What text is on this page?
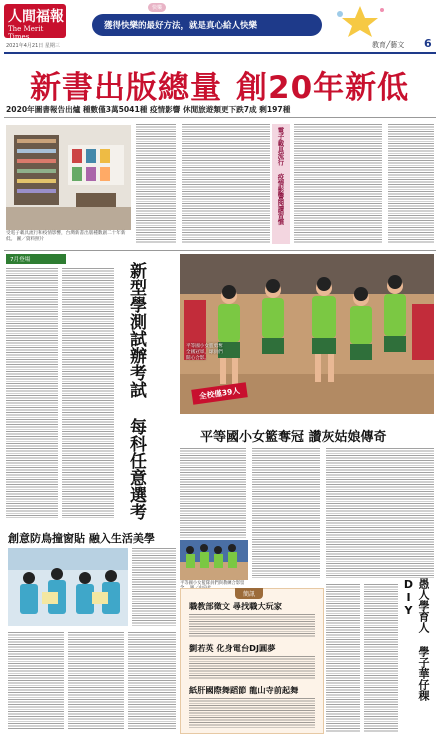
人間福報
The Merit Times
2021年4月21日 星期三
獲得快樂的最好方法，就是真心給人快樂
快樂
教育╱藝文 6
新書出版總量 創20年新低
2020年圖書報告出爐 種數僅3萬5041種 疫情影響 休閒旅遊類更下跌7成 剩197種
受電子載具流行和疫情影響，台灣新書出版種數創二十年新低。 圖／資料照片
電子載具流行 疫情影響閱讀習慣
7月登場
新型學測試辦考試 每科任意選考	平等國小女籃勇奪全國冠軍，球員們開心合影。
全校僅39人
平等國小女籃奪冠 讚灰姑娘傳奇
平等國小女籃隊員們與教練合影留
創意防鳥撞窗貼 融入生活美學
簡訊
職教部徵文 尋找職大玩家
劉若英 化身電台DJ圓夢
紙肝國際舞蹈節 龍山寺前起舞	愚人學育人 學子華仔稞DIY
